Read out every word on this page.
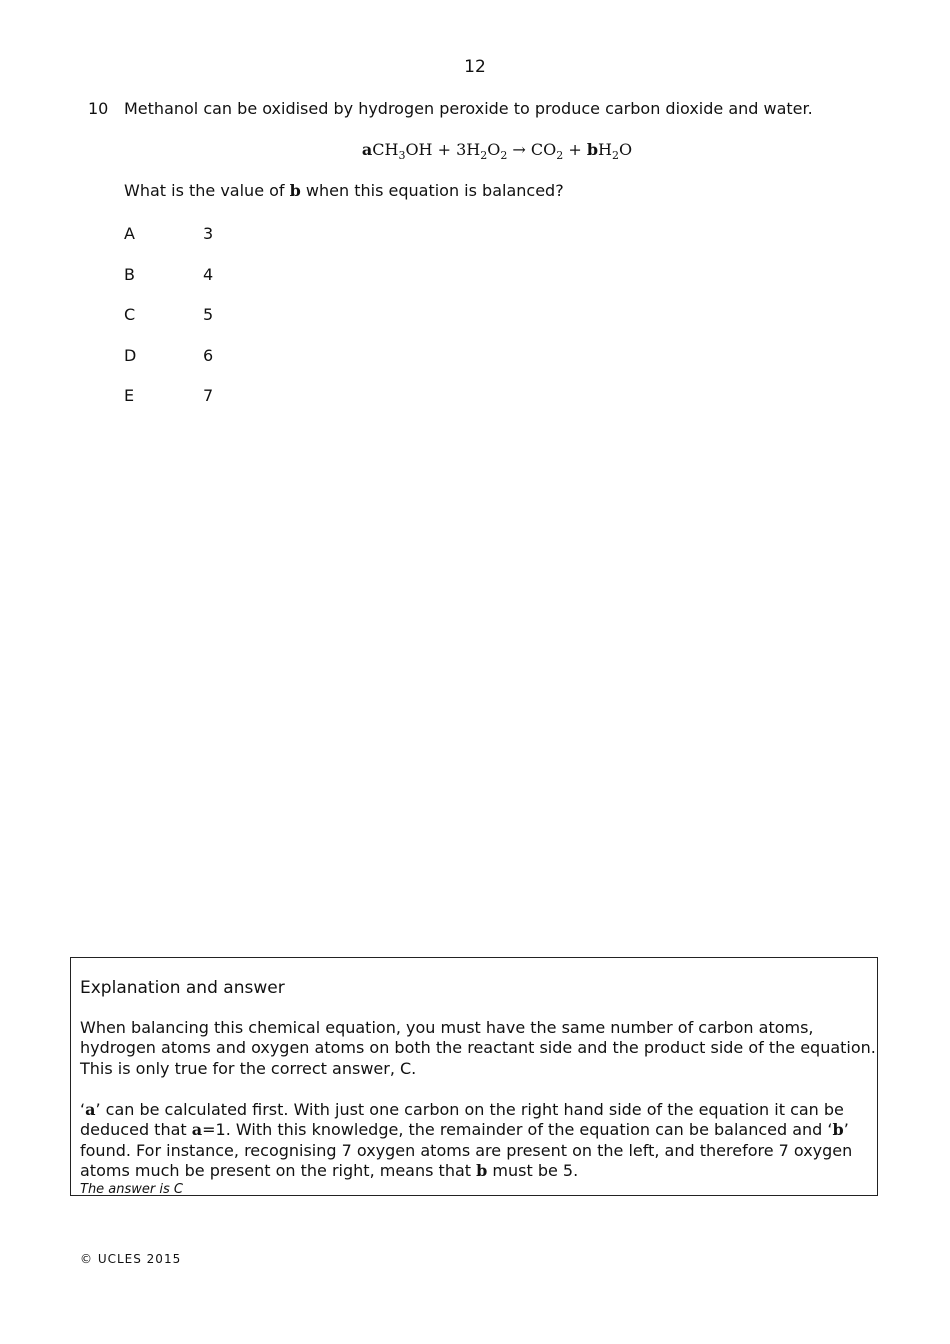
12
10 Methanol can be oxidised by hydrogen peroxide to produce carbon dioxide and water.
$aCH_3OH + 3H_2O_2 \to CO_2 + bH_2O$
What is the value of b when this equation is balanced?
A	3
B	4
C	5
D	6
E	7
Explanation and answer
When balancing this chemical equation, you must have the same number of carbon atoms, hydrogen atoms and oxygen atoms on both the reactant side and the product side of the equation. This is only true for the correct answer, C.
‘a’ can be calculated first. With just one carbon on the right hand side of the equation it can be deduced that a=1. With this knowledge, the remainder of the equation can be balanced and ‘b’ found. For instance, recognising 7 oxygen atoms are present on the left, and therefore 7 oxygen atoms much be present on the right, means that b must be 5.
The answer is C
© UCLES 2015
